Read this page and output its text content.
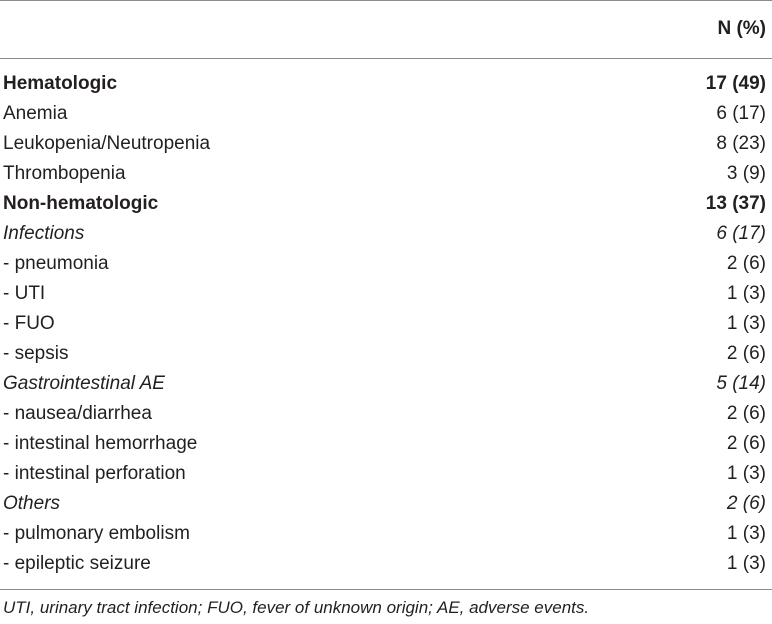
N (%)
Hematologic	17 (49)
Anemia	6 (17)
Leukopenia/Neutropenia	8 (23)
Thrombopenia	3 (9)
Non-hematologic	13 (37)
Infections	6 (17)
- pneumonia	2 (6)
- UTI	1 (3)
- FUO	1 (3)
- sepsis	2 (6)
Gastrointestinal AE	5 (14)
- nausea/diarrhea	2 (6)
- intestinal hemorrhage	2 (6)
- intestinal perforation	1 (3)
Others	2 (6)
- pulmonary embolism	1 (3)
- epileptic seizure	1 (3)
UTI, urinary tract infection; FUO, fever of unknown origin; AE, adverse events.
